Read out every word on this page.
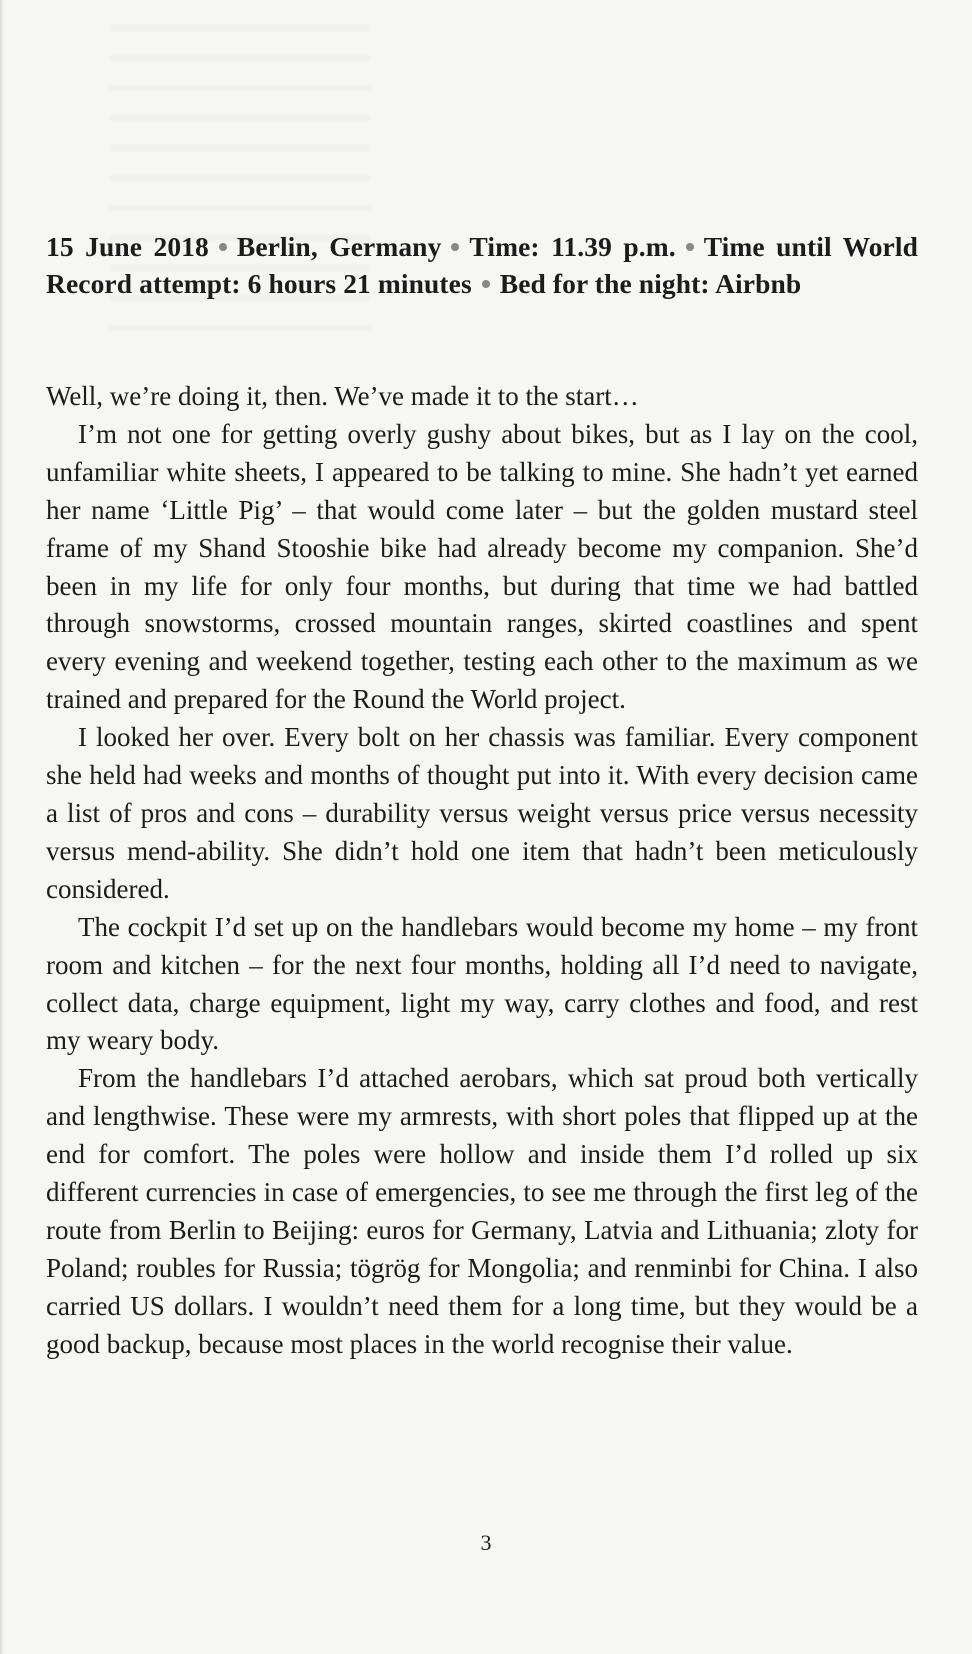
15 June 2018 Berlin, Germany Time: 11.39 p.m. Time until World Record attempt: 6 hours 21 minutes Bed for the night: Airbnb

Well, we’re doing it, then. We’ve made it to the start…

I’m not one for getting overly gushy about bikes, but as I lay on the cool, unfamiliar white sheets, I appeared to be talking to mine. She hadn’t yet earned her name ‘Little Pig’ – that would come later – but the golden mustard steel frame of my Shand Stooshie bike had already become my companion. She’d been in my life for only four months, but during that time we had battled through snowstorms, crossed mountain ranges, skirted coastlines and spent every evening and weekend together, testing each other to the maximum as we trained and prepared for the Round the World project.

I looked her over. Every bolt on her chassis was familiar. Every component she held had weeks and months of thought put into it. With every decision came a list of pros and cons – durability versus weight versus price versus necessity versus mend-ability. She didn’t hold one item that hadn’t been meticulously considered.

The cockpit I’d set up on the handlebars would become my home – my front room and kitchen – for the next four months, holding all I’d need to navigate, collect data, charge equipment, light my way, carry clothes and food, and rest my weary body.

From the handlebars I’d attached aerobars, which sat proud both vertically and lengthwise. These were my armrests, with short poles that flipped up at the end for comfort. The poles were hollow and inside them I’d rolled up six different currencies in case of emergencies, to see me through the first leg of the route from Berlin to Beijing: euros for Germany, Latvia and Lithuania; zloty for Poland; roubles for Russia; tögrög for Mongolia; and renminbi for China. I also carried US dollars. I wouldn’t need them for a long time, but they would be a good backup, because most places in the world recognise their value.

3
